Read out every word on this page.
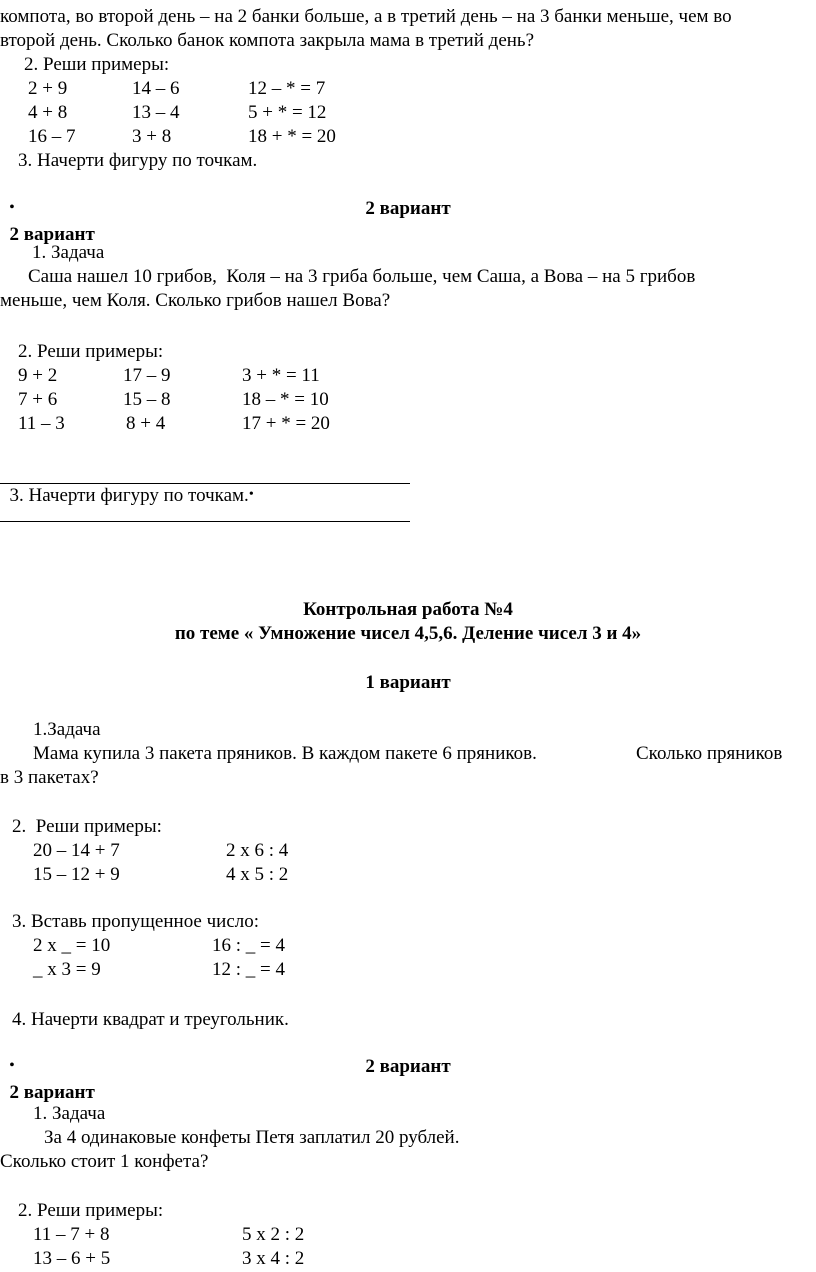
компота, во второй день – на 2 банки больше, а в третий день – на 3 банки меньше, чем во
второй день. Сколько банок компота закрыла мама в третий день?
2. Реши примеры:
2 + 9	14 – 6	12 – * = 7
4 + 8	13 – 4	5 + * = 12
16 – 7	3 + 8	18 + * = 20
3. Начерти фигуру по точкам.

•
2 вариант

2 вариант
1. Задача
Саша нашел 10 грибов,  Коля – на 3 гриба больше, чем Саша, а Вова – на 5 грибов
меньше, чем Коля. Сколько грибов нашел Вова?
2. Реши примеры:
9 + 2	17 – 9	3 + * = 11
7 + 6	15 – 8	18 – * = 10
11 – 3	8 + 4	17 + * = 20

3. Начерти фигуру по точкам.•

Контрольная работа №4
по теме « Умножение чисел 4,5,6. Деление чисел 3 и 4»
1 вариант
1.Задача
Мама купила 3 пакета пряников. В каждом пакете 6 пряников.	Сколько пряников
в 3 пакетах?
2.  Реши примеры:
20 – 14 + 7	2 х 6 : 4
15 – 12 + 9	4 х 5 : 2
3. Вставь пропущенное число:
2 х _ = 10	16 : _ = 4
_ х 3 = 9	12 : _ = 4
4. Начерти квадрат и треугольник.

•
2 вариант

2 вариант
1. Задача
За 4 одинаковые конфеты Петя заплатил 20 рублей.
Сколько стоит 1 конфета?
2. Реши примеры:
11 – 7 + 8	5 х 2 : 2
13 – 6 + 5	3 х 4 : 2
